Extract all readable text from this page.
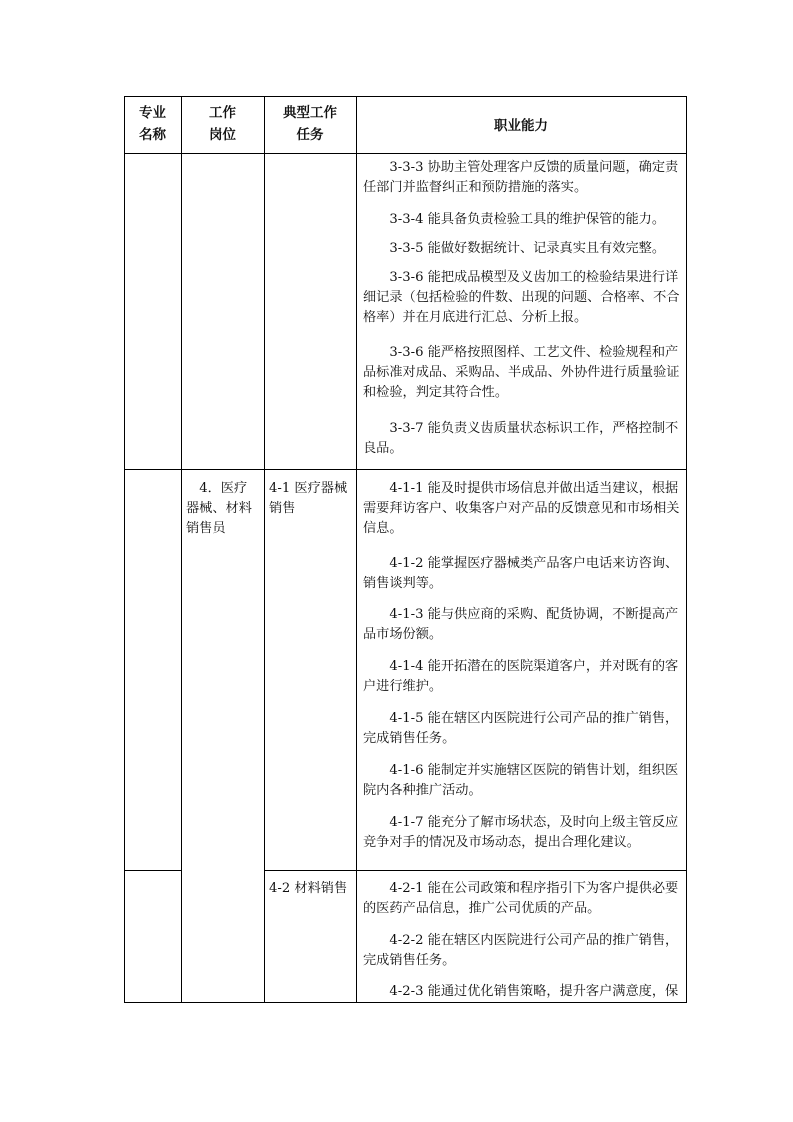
专业
名称
工作
岗位
典型工作
任务
职业能力
3-3-3 协助主管处理客户反馈的质量问题，确定责任部门并监督纠正和预防措施的落实。
3-3-4 能具备负责检验工具的维护保管的能力。
3-3-5 能做好数据统计、记录真实且有效完整。
3-3-6 能把成品模型及义齿加工的检验结果进行详细记录（包括检验的件数、出现的问题、合格率、不合格率）并在月底进行汇总、分析上报。
3-3-6 能严格按照图样、工艺文件、检验规程和产品标准对成品、采购品、半成品、外协件进行质量验证和检验，判定其符合性。
3-3-7 能负责义齿质量状态标识工作，严格控制不良品。
4．医疗器械、材料销售员
4-1 医疗器械销售
4-1-1 能及时提供市场信息并做出适当建议，根据需要拜访客户、收集客户对产品的反馈意见和市场相关信息。
4-1-2 能掌握医疗器械类产品客户电话来访咨询、销售谈判等。
4-1-3 能与供应商的采购、配货协调，不断提高产品市场份额。
4-1-4 能开拓潜在的医院渠道客户，并对既有的客户进行维护。
4-1-5 能在辖区内医院进行公司产品的推广销售，完成销售任务。
4-1-6 能制定并实施辖区医院的销售计划，组织医院内各种推广活动。
4-1-7 能充分了解市场状态，及时向上级主管反应竞争对手的情况及市场动态，提出合理化建议。
4-2 材料销售	4-2-1 能在公司政策和程序指引下为客户提供必要的医药产品信息，推广公司优质的产品。
4-2-2 能在辖区内医院进行公司产品的推广销售，完成销售任务。
4-2-3 能通过优化销售策略，提升客户满意度，保
